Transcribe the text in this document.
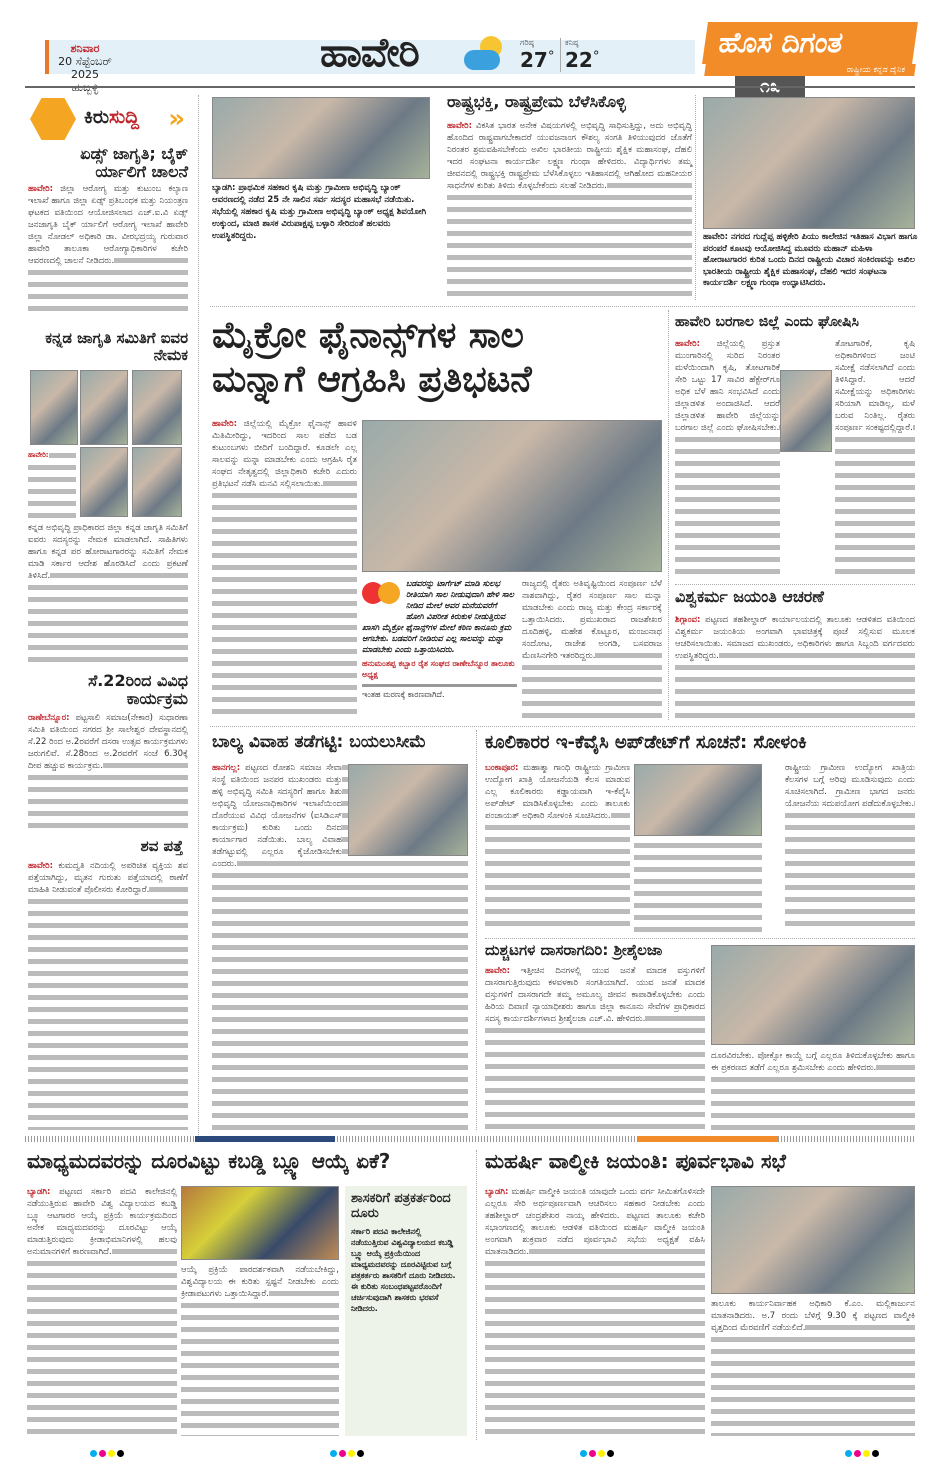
ಶನಿವಾರ
20 ಸೆಪ್ಟೆಂಬರ್ 2025
ಹುಬ್ಬಳ್ಳಿ
ಹಾವೇರಿ	ಗರಿಷ್ಠ
27°
ಕನಿಷ್ಠ
22°	ಹೊಸ ದಿಗಂತ
ರಾಷ್ಟ್ರೀಯ ಕನ್ನಡ ದೈನಿಕ
೧೩
ಕಿರುಸುದ್ದಿ »
ಏಡ್ಸ್ ಜಾಗೃತಿ; ಬೈಕ್ ರ್ಯಾಲಿಗೆ ಚಾಲನೆ
ಹಾವೇರಿ: ಜಿಲ್ಲಾ ಆರೋಗ್ಯ ಮತ್ತು ಕುಟುಂಬ ಕಲ್ಯಾಣ ಇಲಾಖೆ ಹಾಗೂ ಜಿಲ್ಲಾ ಏಡ್ಸ್ ಪ್ರತಿಬಂಧಕ ಮತ್ತು ನಿಯಂತ್ರಣ ಘಟಕದ ವತಿಯಿಂದ ಆಯೋಜಿಸಲಾದ ಎಚ್.ಐ.ವಿ ಏಡ್ಸ್ ಜನಜಾಗೃತಿ ಬೈಕ್ ರ್ಯಾಲಿಗೆ ಆರೋಗ್ಯ ಇಲಾಖೆ ಹಾವೇರಿ ಜಿಲ್ಲಾ ನೋಡಲ್ ಅಧಿಕಾರಿ ಡಾ. ವೀರಭದ್ರಯ್ಯ ಗುರುವಾರ ಹಾವೇರಿ ತಾಲೂಕಾ ಆರೋಗ್ಯಾಧಿಕಾರಿಗಳ ಕಚೇರಿ ಆವರಣದಲ್ಲಿ ಚಾಲನೆ ನೀಡಿದರು.
ಕನ್ನಡ ಜಾಗೃತಿ ಸಮಿತಿಗೆ ಐವರ ನೇಮಕ
ಹಾವೇರಿ:
ಕನ್ನಡ ಅಭಿವೃದ್ಧಿ ಪ್ರಾಧಿಕಾರದ ಜಿಲ್ಲಾ ಕನ್ನಡ ಜಾಗೃತಿ ಸಮಿತಿಗೆ ಐವರು ಸದಸ್ಯರನ್ನು ನೇಮಕ ಮಾಡಲಾಗಿದೆ. ಸಾಹಿತಿಗಳು ಹಾಗೂ ಕನ್ನಡ ಪರ ಹೋರಾಟಗಾರರನ್ನು ಸಮಿತಿಗೆ ನೇಮಕ ಮಾಡಿ ಸರ್ಕಾರ ಆದೇಶ ಹೊರಡಿಸಿದೆ ಎಂದು ಪ್ರಕಟಣೆ ತಿಳಿಸಿದೆ.
ಸೆ.22ರಿಂದ ವಿವಿಧ ಕಾರ್ಯಕ್ರಮ
ರಾಣೇಬೆನ್ನೂರ: ಪಟ್ಟಸಾಲಿ ಸಮಾಜ(ನೇಕಾರ) ಸುಧಾರಣಾ ಸಮಿತಿ ವತಿಯಿಂದ ನಗರದ ಶ್ರೀ ಸಾಲೇಶ್ವರ ದೇವಸ್ಥಾನದಲ್ಲಿ ಸೆ.22 ರಿಂದ ಅ.2ರವರೆಗೆ ದಸರಾ ಉತ್ಸವ ಕಾರ್ಯಕ್ರಮಗಳು ಜರುಗಲಿವೆ. ಸೆ.28ರಿಂದ ಅ.2ರವರೆಗೆ ಸಂಜೆ 6.30ಕ್ಕೆ ದೀಪ ಹಚ್ಚುವ ಕಾರ್ಯಕ್ರಮ.
ಶವ ಪತ್ತೆ
ಹಾವೇರಿ: ಕುಮದ್ವತಿ ನದಿಯಲ್ಲಿ ಅಪರಿಚಿತ ವ್ಯಕ್ತಿಯ ಶವ ಪತ್ತೆಯಾಗಿದ್ದು, ಮೃತನ ಗುರುತು ಪತ್ತೆಯಾದಲ್ಲಿ ಠಾಣೆಗೆ ಮಾಹಿತಿ ನೀಡುವಂತೆ ಪೊಲೀಸರು ಕೋರಿದ್ದಾರೆ.
ಬ್ಯಾಡಗಿ: ಪ್ರಾಥಮಿಕ ಸಹಕಾರ ಕೃಷಿ ಮತ್ತು ಗ್ರಾಮೀಣ ಅಭಿವೃದ್ಧಿ ಬ್ಯಾಂಕ್ ಆವರಣದಲ್ಲಿ ನಡೆದ 25 ನೇ ಸಾಲಿನ ಸರ್ವ ಸದಸ್ಯರ ಮಹಾಸಭೆ ನಡೆಯಿತು. ಸಭೆಯಲ್ಲಿ ಸಹಕಾರ ಕೃಷಿ ಮತ್ತು ಗ್ರಾಮೀಣ ಅಭಿವೃದ್ಧಿ ಬ್ಯಾಂಕ್ ಅಧ್ಯಕ್ಷ ಶಿವಯೋಗಿ ಉಕ್ಕುಂದ, ಮಾಜಿ ಶಾಸಕ ವಿರುಪಾಕ್ಷಪ್ಪ ಬಳ್ಳಾರಿ ಸೇರಿದಂತೆ ಹಲವರು ಉಪಸ್ಥಿತರಿದ್ದರು.
ರಾಷ್ಟ್ರಭಕ್ತಿ, ರಾಷ್ಟ್ರಪ್ರೇಮ ಬೆಳೆಸಿಕೊಳ್ಳಿ
ಹಾವೇರಿ: ವಿಕಸಿತ ಭಾರತ ಅನೇಕ ವಿಷಯಗಳಲ್ಲಿ ಅಭಿವೃದ್ಧಿ ಸಾಧಿಸುತ್ತಿದ್ದು, ಅದು ಅಭಿವೃದ್ಧಿ ಹೊಂದಿದ ರಾಷ್ಟ್ರವಾಗಬೇಕಾದರೆ ಯುವಜನಾಂಗ ಕೌಶಲ್ಯ ಸಂಗತಿ ತಿಳಿಯುವುದರ ಜೊತೆಗೆ ನಿರಂತರ ಶ್ರಮವಹಿಸಬೇಕೆಂದು ಅಖಿಲ ಭಾರತೀಯ ರಾಷ್ಟ್ರೀಯ ಶೈಕ್ಷಿಕ ಮಹಾಸಂಘ, ದೆಹಲಿ ಇದರ ಸಂಘಟನಾ ಕಾರ್ಯದರ್ಶಿ ಲಕ್ಷ್ಮಣ ಗುಂಥಾ ಹೇಳಿದರು. ವಿದ್ಯಾರ್ಥಿಗಳು ತಮ್ಮ ಜೀವನದಲ್ಲಿ ರಾಷ್ಟ್ರಭಕ್ತಿ ರಾಷ್ಟ್ರಪ್ರೇಮ ಬೆಳೆಸಿಕೊಳ್ಳಲು ಇತಿಹಾಸದಲ್ಲಿ ಆಗಿಹೋದ ಮಹನೀಯರ ಸಾಧನೆಗಳ ಕುರಿತು ತಿಳಿದು ಕೊಳ್ಳಬೇಕೆಂದು ಸಲಹೆ ನೀಡಿದರು.
ಹಾವೇರಿ: ನಗರದ ಗುದ್ಲೆಪ್ಪ ಹಳ್ಳಿಕೇರಿ ಪಿಯು ಕಾಲೇಜಿನ ಇತಿಹಾಸ ವಿಭಾಗ ಹಾಗೂ ಪರಂಪರೆ ಕೂಟವು ಆಯೋಜಿಸಿದ್ದ ಮೂವರು ಮಹಾನ್ ಮಹಿಳಾ ಹೋರಾಟಗಾರರ ಕುರಿತ ಒಂದು ದಿನದ ರಾಷ್ಟ್ರೀಯ ವಿಚಾರ ಸಂಕಿರಣವನ್ನು ಅಖಿಲ ಭಾರತೀಯ ರಾಷ್ಟ್ರೀಯ ಶೈಕ್ಷಿಕ ಮಹಾಸಂಘ, ದೆಹಲಿ ಇದರ ಸಂಘಟನಾ ಕಾರ್ಯದರ್ಶಿ ಲಕ್ಷ್ಮಣ ಗುಂಥಾ ಉದ್ಘಾಟಿಸಿದರು.
ಮೈಕ್ರೋ ಫೈನಾನ್ಸ್‌ಗಳ ಸಾಲ
ಮನ್ನಾಗೆ ಆಗ್ರಹಿಸಿ ಪ್ರತಿಭಟನೆ
ಹಾವೇರಿ: ಜಿಲ್ಲೆಯಲ್ಲಿ ಮೈಕ್ರೋ ಫೈನಾನ್ಸ್ ಹಾವಳಿ ಮಿತಿಮೀರಿದ್ದು, ಇದರಿಂದ ಸಾಲ ಪಡೆದ ಬಡ ಕುಟುಂಬಗಳು ಬೀದಿಗೆ ಬಂದಿದ್ದಾರೆ. ಕೂಡಲೇ ಎಲ್ಲ ಸಾಲವನ್ನು ಮನ್ನಾ ಮಾಡಬೇಕು ಎಂದು ಆಗ್ರಹಿಸಿ ರೈತ ಸಂಘದ ನೇತೃತ್ವದಲ್ಲಿ ಜಿಲ್ಲಾಧಿಕಾರಿ ಕಚೇರಿ ಎದುರು ಪ್ರತಿಭಟನೆ ನಡೆಸಿ ಮನವಿ ಸಲ್ಲಿಸಲಾಯಿತು.
ಬಡವರನ್ನು ಟಾರ್ಗೆಟ್ ಮಾಡಿ ಸುಲಭ ರೀತಿಯಾಗಿ ಸಾಲ ನೀಡುವುದಾಗಿ ಹೇಳಿ ಸಾಲ ನೀಡಿದ ಮೇಲೆ ಅವರ ಮನೆಯವರೆಗೆ ಹೋಗಿ ವಿಪರೀತ ಕಿರುಕುಳ ನೀಡುತ್ತಿರುವ ಖಾಸಗಿ ಮೈಕ್ರೋ ಫೈನಾನ್ಸ್‌ಗಳ ಮೇಲೆ ಕಠಿಣ ಕಾನೂನು ಕ್ರಮ ಆಗಬೇಕು. ಬಡವರಿಗೆ ನೀಡಿರುವ ಎಲ್ಲ ಸಾಲವನ್ನು ಮನ್ನಾ ಮಾಡಬೇಕು ಎಂದು ಒತ್ತಾಯಿಸಿದರು.
ಹನುಮಂತಪ್ಪ ಕಬ್ಬಾರ ರೈತ ಸಂಘದ ರಾಣೇಬೆನ್ನೂರ ತಾಲೂಕು ಅಧ್ಯಕ್ಷ
ಇಂತಹ ಮರಣಕ್ಕೆ ಕಾರಣವಾಗಿದೆ.
ರಾಜ್ಯದಲ್ಲಿ ರೈತರು ಅತಿವೃಷ್ಟಿಯಿಂದ ಸಂಪೂರ್ಣ ಬೆಳೆ ನಾಶವಾಗಿದ್ದು, ರೈತರ ಸಂಪೂರ್ಣ ಸಾಲ ಮನ್ನಾ ಮಾಡಬೇಕು ಎಂದು ರಾಜ್ಯ ಮತ್ತು ಕೇಂದ್ರ ಸರ್ಕಾರಕ್ಕೆ ಒತ್ತಾಯಿಸಿದರು. ಪ್ರಮುಖರಾದ ರಾಜಶೇಖರ ದೂದಿಹಳ್ಳಿ, ಮಹೇಶ ಕೊಟ್ಟೂರ, ಮಂಜುನಾಥ ಸಂದೋಟ, ರಾಜೇಶ ಅಂಗಡಿ, ಬಸವರಾಜ ಮೆಣಸಿನಗೇರಿ ಇತರರಿದ್ದರು.
ಹಾವೇರಿ ಬರಗಾಲ ಜಿಲ್ಲೆ ಎಂದು ಘೋಷಿಸಿ
ಹಾವೇರಿ: ಜಿಲ್ಲೆಯಲ್ಲಿ ಪ್ರಸ್ತುತ ಮುಂಗಾರಿನಲ್ಲಿ ಸುರಿದ ನಿರಂತರ ಮಳೆಯಿಂದಾಗಿ ಕೃಷಿ, ತೋಟಗಾರಿಕೆ ಸೇರಿ ಒಟ್ಟು 17 ಸಾವಿರ ಹೆಕ್ಟೇರ್‌ಗೂ ಅಧಿಕ ಬೆಳೆ ಹಾನಿ ಸಂಭವಿಸಿದೆ ಎಂದು ಜಿಲ್ಲಾಡಳಿತ ಅಂದಾಜಿಸಿದೆ. ಆದರೆ ಜಿಲ್ಲಾಡಳಿತ ಹಾವೇರಿ ಜಿಲ್ಲೆಯನ್ನು ಬರಗಾಲ ಜಿಲ್ಲೆ ಎಂದು ಘೋಷಿಸಬೇಕು.
ತೋಟಗಾರಿಕೆ, ಕೃಷಿ ಅಧಿಕಾರಿಗಳಿಂದ ಜಂಟಿ ಸಮೀಕ್ಷೆ ನಡೆಸಲಾಗಿದೆ ಎಂದು ತಿಳಿಸಿದ್ದಾರೆ. ಆದರೆ ಸಮೀಕ್ಷೆಯನ್ನು ಅಧಿಕಾರಿಗಳು ಸರಿಯಾಗಿ ಮಾಡಿಲ್ಲ, ಮಳೆ ಬರುವ ನಿಂತಿಲ್ಲ. ರೈತರು ಸಂಪೂರ್ಣ ಸಂಕಷ್ಟದಲ್ಲಿದ್ದಾರೆ.
ವಿಶ್ವಕರ್ಮ ಜಯಂತಿ ಆಚರಣೆ
ಶಿಗ್ಗಾಂವ: ಪಟ್ಟಣದ ತಹಶೀಲ್ದಾರ್ ಕಾರ್ಯಾಲಯದಲ್ಲಿ ತಾಲೂಕು ಆಡಳಿತದ ವತಿಯಿಂದ ವಿಶ್ವಕರ್ಮ ಜಯಂತಿಯ ಅಂಗವಾಗಿ ಭಾವಚಿತ್ರಕ್ಕೆ ಪೂಜೆ ಸಲ್ಲಿಸುವ ಮೂಲಕ ಆಚರಿಸಲಾಯಿತು. ಸಮಾಜದ ಮುಖಂಡರು, ಅಧಿಕಾರಿಗಳು ಹಾಗೂ ಸಿಬ್ಬಂದಿ ವರ್ಗದವರು ಉಪಸ್ಥಿತರಿದ್ದರು.
ಬಾಲ್ಯ ವಿವಾಹ ತಡೆಗಟ್ಟಿ: ಬಯಲುಸೀಮೆ
ಹಾನಗಲ್ಲ: ಪಟ್ಟಣದ ರೋಶನಿ ಸಮಾಜ ಸೇವಾ ಸಂಸ್ಥೆ ವತಿಯಿಂದ ಜನಪರ ಮುಖಂಡರು ಮತ್ತು ಹಳ್ಳಿ ಅಭಿವೃದ್ಧಿ ಸಮಿತಿ ಸದಸ್ಯರಿಗೆ ಹಾಗೂ ಶಿಶು ಅಭಿವೃದ್ಧಿ ಯೋಜನಾಧಿಕಾರಿಗಳ ಇಲಾಖೆಯಿಂದ ದೊರೆಯುವ ವಿವಿಧ ಯೋಜನೆಗಳ (ಐಸಿಡಿಎಸ್ ಕಾರ್ಯಕ್ರಮ) ಕುರಿತು ಒಂದು ದಿನದ ಕಾರ್ಯಾಗಾರ ನಡೆಯಿತು. ಬಾಲ್ಯ ವಿವಾಹ ತಡೆಗಟ್ಟುವಲ್ಲಿ ಎಲ್ಲರೂ ಕೈಜೋಡಿಸಬೇಕು ಎಂದರು.
ಕೂಲಿಕಾರರ ಇ-ಕೆವೈಸಿ ಅಪ್‌ಡೇಟ್‌ಗೆ ಸೂಚನೆ: ಸೋಳಂಕಿ
ಬಂಕಾಪೂರ: ಮಹಾತ್ಮಾ ಗಾಂಧಿ ರಾಷ್ಟ್ರೀಯ ಗ್ರಾಮೀಣ ಉದ್ಯೋಗ ಖಾತ್ರಿ ಯೋಜನೆಯಡಿ ಕೆಲಸ ಮಾಡುವ ಎಲ್ಲ ಕೂಲಿಕಾರರು ಕಡ್ಡಾಯವಾಗಿ ಇ-ಕೆವೈಸಿ ಅಪ್‌ಡೇಟ್ ಮಾಡಿಸಿಕೊಳ್ಳಬೇಕು ಎಂದು ತಾಲೂಕು ಪಂಚಾಯತ್ ಅಧಿಕಾರಿ ಸೋಳಂಕಿ ಸೂಚಿಸಿದರು.
ರಾಷ್ಟ್ರೀಯ ಗ್ರಾಮೀಣ ಉದ್ಯೋಗ ಖಾತ್ರಿಯ ಕೆಲಸಗಳ ಬಗ್ಗೆ ಅರಿವು ಮೂಡಿಸುವುದು ಎಂದು ಸೂಚಿಸಲಾಗಿದೆ. ಗ್ರಾಮೀಣ ಭಾಗದ ಜನರು ಯೋಜನೆಯ ಸದುಪಯೋಗ ಪಡೆದುಕೊಳ್ಳಬೇಕು.
ದುಶ್ಚಟಗಳ ದಾಸರಾಗದಿರಿ: ಶ್ರೀಶೈಲಜಾ
ಹಾವೇರಿ: ಇತ್ತೀಚಿನ ದಿನಗಳಲ್ಲಿ ಯುವ ಜನತೆ ಮಾದಕ ವಸ್ತುಗಳಿಗೆ ದಾಸರಾಗುತ್ತಿರುವುದು ಕಳವಳಕಾರಿ ಸಂಗತಿಯಾಗಿದೆ. ಯುವ ಜನತೆ ಮಾದಕ ವಸ್ತುಗಳಿಗೆ ದಾಸರಾಗದೇ ತಮ್ಮ ಅಮೂಲ್ಯ ಜೀವನ ಕಾಪಾಡಿಕೊಳ್ಳಬೇಕು ಎಂದು ಹಿರಿಯ ದಿವಾಣಿ ನ್ಯಾಯಾಧೀಶರು ಹಾಗೂ ಜಿಲ್ಲಾ ಕಾನೂನು ಸೇವೆಗಳ ಪ್ರಾಧಿಕಾರದ ಸದಸ್ಯ ಕಾರ್ಯದರ್ಶಿಗಳಾದ ಶ್ರೀಶೈಲಜಾ ಎಚ್.ವಿ. ಹೇಳಿದರು.
ದೂರವಿರಬೇಕು. ಪೋಕ್ಸೋ ಕಾಯ್ದೆ ಬಗ್ಗೆ ಎಲ್ಲರೂ ತಿಳಿದುಕೊಳ್ಳಬೇಕು ಹಾಗೂ ಈ ಪ್ರಕರಣದ ತಡೆಗೆ ಎಲ್ಲರೂ ಶ್ರಮಿಸಬೇಕು ಎಂದು ಹೇಳಿದರು.
ಮಾಧ್ಯಮದವರನ್ನು ದೂರವಿಟ್ಟು ಕಬಡ್ಡಿ ಬ್ಲ್ಯೂ ಆಯ್ಕೆ ಏಕೆ?
ಬ್ಯಾಡಗಿ: ಪಟ್ಟಣದ ಸರ್ಕಾರಿ ಪದವಿ ಕಾಲೇಜಿನಲ್ಲಿ ನಡೆಯುತ್ತಿರುವ ಹಾವೇರಿ ವಿಶ್ವ ವಿದ್ಯಾಲಯದ ಕಬಡ್ಡಿ ಬ್ಲ್ಯೂ ಆಟಗಾರರ ಆಯ್ಕೆ ಪ್ರಕ್ರಿಯೆ ಕಾರ್ಯಕ್ರಮದಿಂದ ಅನೇಕ ಮಾಧ್ಯಮದವರನ್ನು ದೂರವಿಟ್ಟು ಆಯ್ಕೆ ಮಾಡುತ್ತಿರುವುದು ಕ್ರೀಡಾಭಿಮಾನಿಗಳಲ್ಲಿ ಹಲವು ಅನುಮಾನಗಳಿಗೆ ಕಾರಣವಾಗಿದೆ.
ಆಯ್ಕೆ ಪ್ರಕ್ರಿಯೆ ಪಾರದರ್ಶಕವಾಗಿ ನಡೆಯಬೇಕಿದ್ದು, ವಿಶ್ವವಿದ್ಯಾಲಯ ಈ ಕುರಿತು ಸ್ಪಷ್ಟನೆ ನೀಡಬೇಕು ಎಂದು ಕ್ರೀಡಾಪಟುಗಳು ಒತ್ತಾಯಿಸಿದ್ದಾರೆ.
ಶಾಸಕರಿಗೆ ಪತ್ರಕರ್ತರಿಂದ ದೂರು
ಸರ್ಕಾರಿ ಪದವಿ ಕಾಲೇಜಿನಲ್ಲಿ ನಡೆಯುತ್ತಿರುವ ವಿಶ್ವವಿದ್ಯಾಲಯದ ಕಬಡ್ಡಿ ಬ್ಲ್ಯೂ ಆಯ್ಕೆ ಪ್ರಕ್ರಿಯೆಯಿಂದ ಮಾಧ್ಯಮದವರನ್ನು ದೂರವಿಟ್ಟಿರುವ ಬಗ್ಗೆ ಪತ್ರಕರ್ತರು ಶಾಸಕರಿಗೆ ದೂರು ನೀಡಿದರು. ಈ ಕುರಿತು ಸಂಬಂಧಪಟ್ಟವರೊಂದಿಗೆ ಚರ್ಚಿಸುವುದಾಗಿ ಶಾಸಕರು ಭರವಸೆ ನೀಡಿದರು.
ಮಹರ್ಷಿ ವಾಲ್ಮೀಕಿ ಜಯಂತಿ: ಪೂರ್ವಭಾವಿ ಸಭೆ
ಬ್ಯಾಡಗಿ: ಮಹರ್ಷಿ ವಾಲ್ಮೀಕಿ ಜಯಂತಿ ಯಾವುದೇ ಒಂದು ವರ್ಗ ಸೀಮಿತಗೊಳಿಸದೇ ಎಲ್ಲರೂ ಸೇರಿ ಅರ್ಥಪೂರ್ಣವಾಗಿ ಆಚರಿಸಲು ಸಹಕಾರ ನೀಡಬೇಕು ಎಂದು ತಹಶೀಲ್ದಾರ್ ಚಂದ್ರಶೇಖರ ನಾಯ್ಕ ಹೇಳಿದರು. ಪಟ್ಟಣದ ತಾಲೂಕು ಕಚೇರಿ ಸಭಾಂಗಣದಲ್ಲಿ ತಾಲೂಕು ಆಡಳಿತ ವತಿಯಿಂದ ಮಹರ್ಷಿ ವಾಲ್ಮೀಕಿ ಜಯಂತಿ ಅಂಗವಾಗಿ ಶುಕ್ರವಾರ ನಡೆದ ಪೂರ್ವಭಾವಿ ಸಭೆಯ ಅಧ್ಯಕ್ಷತೆ ವಹಿಸಿ ಮಾತನಾಡಿದರು.
ತಾಲೂಕು ಕಾರ್ಯನಿರ್ವಾಹಕ ಅಧಿಕಾರಿ ಕೆ.ಎಂ. ಮಲ್ಲಿಕಾರ್ಜುನ ಮಾತನಾಡಿದರು. ಅ.7 ರಂದು ಬೆಳಿಗ್ಗೆ 9.30 ಕ್ಕೆ ಪಟ್ಟಣದ ವಾಲ್ಮೀಕಿ ವೃತ್ತದಿಂದ ಮೆರವಣಿಗೆ ನಡೆಯಲಿದೆ.
